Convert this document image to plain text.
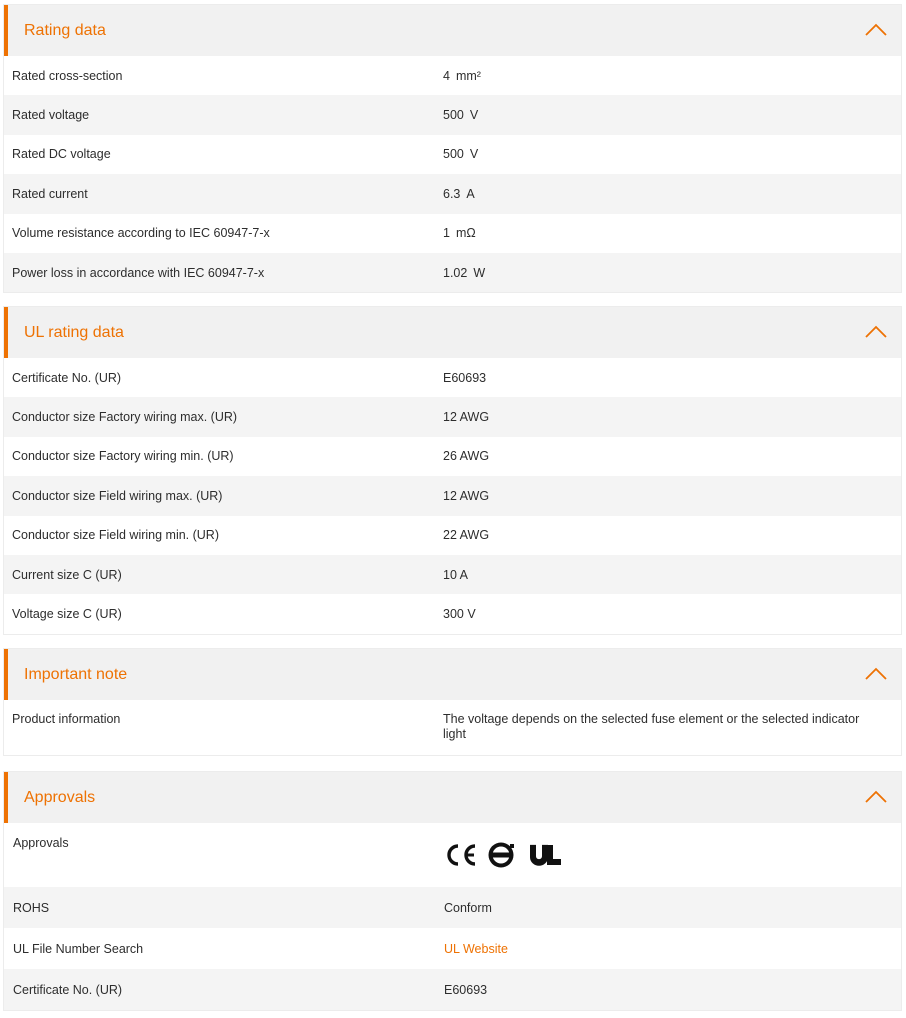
Rating data
Rated cross-section	4 mm²
Rated voltage	500 V
Rated DC voltage	500 V
Rated current	6.3 A
Volume resistance according to IEC 60947-7-x	1 mΩ
Power loss in accordance with IEC 60947-7-x	1.02 W
UL rating data
Certificate No. (UR)	E60693
Conductor size Factory wiring max. (UR)	12 AWG
Conductor size Factory wiring min. (UR)	26 AWG
Conductor size Field wiring max. (UR)	12 AWG
Conductor size Field wiring min. (UR)	22 AWG
Current size C (UR)	10 A
Voltage size C (UR)	300 V
Important note
Product information	The voltage depends on the selected fuse element or the selected indicator light
Approvals
Approvals
ROHS	Conform
UL File Number Search	UL Website
Certificate No. (UR)	E60693
